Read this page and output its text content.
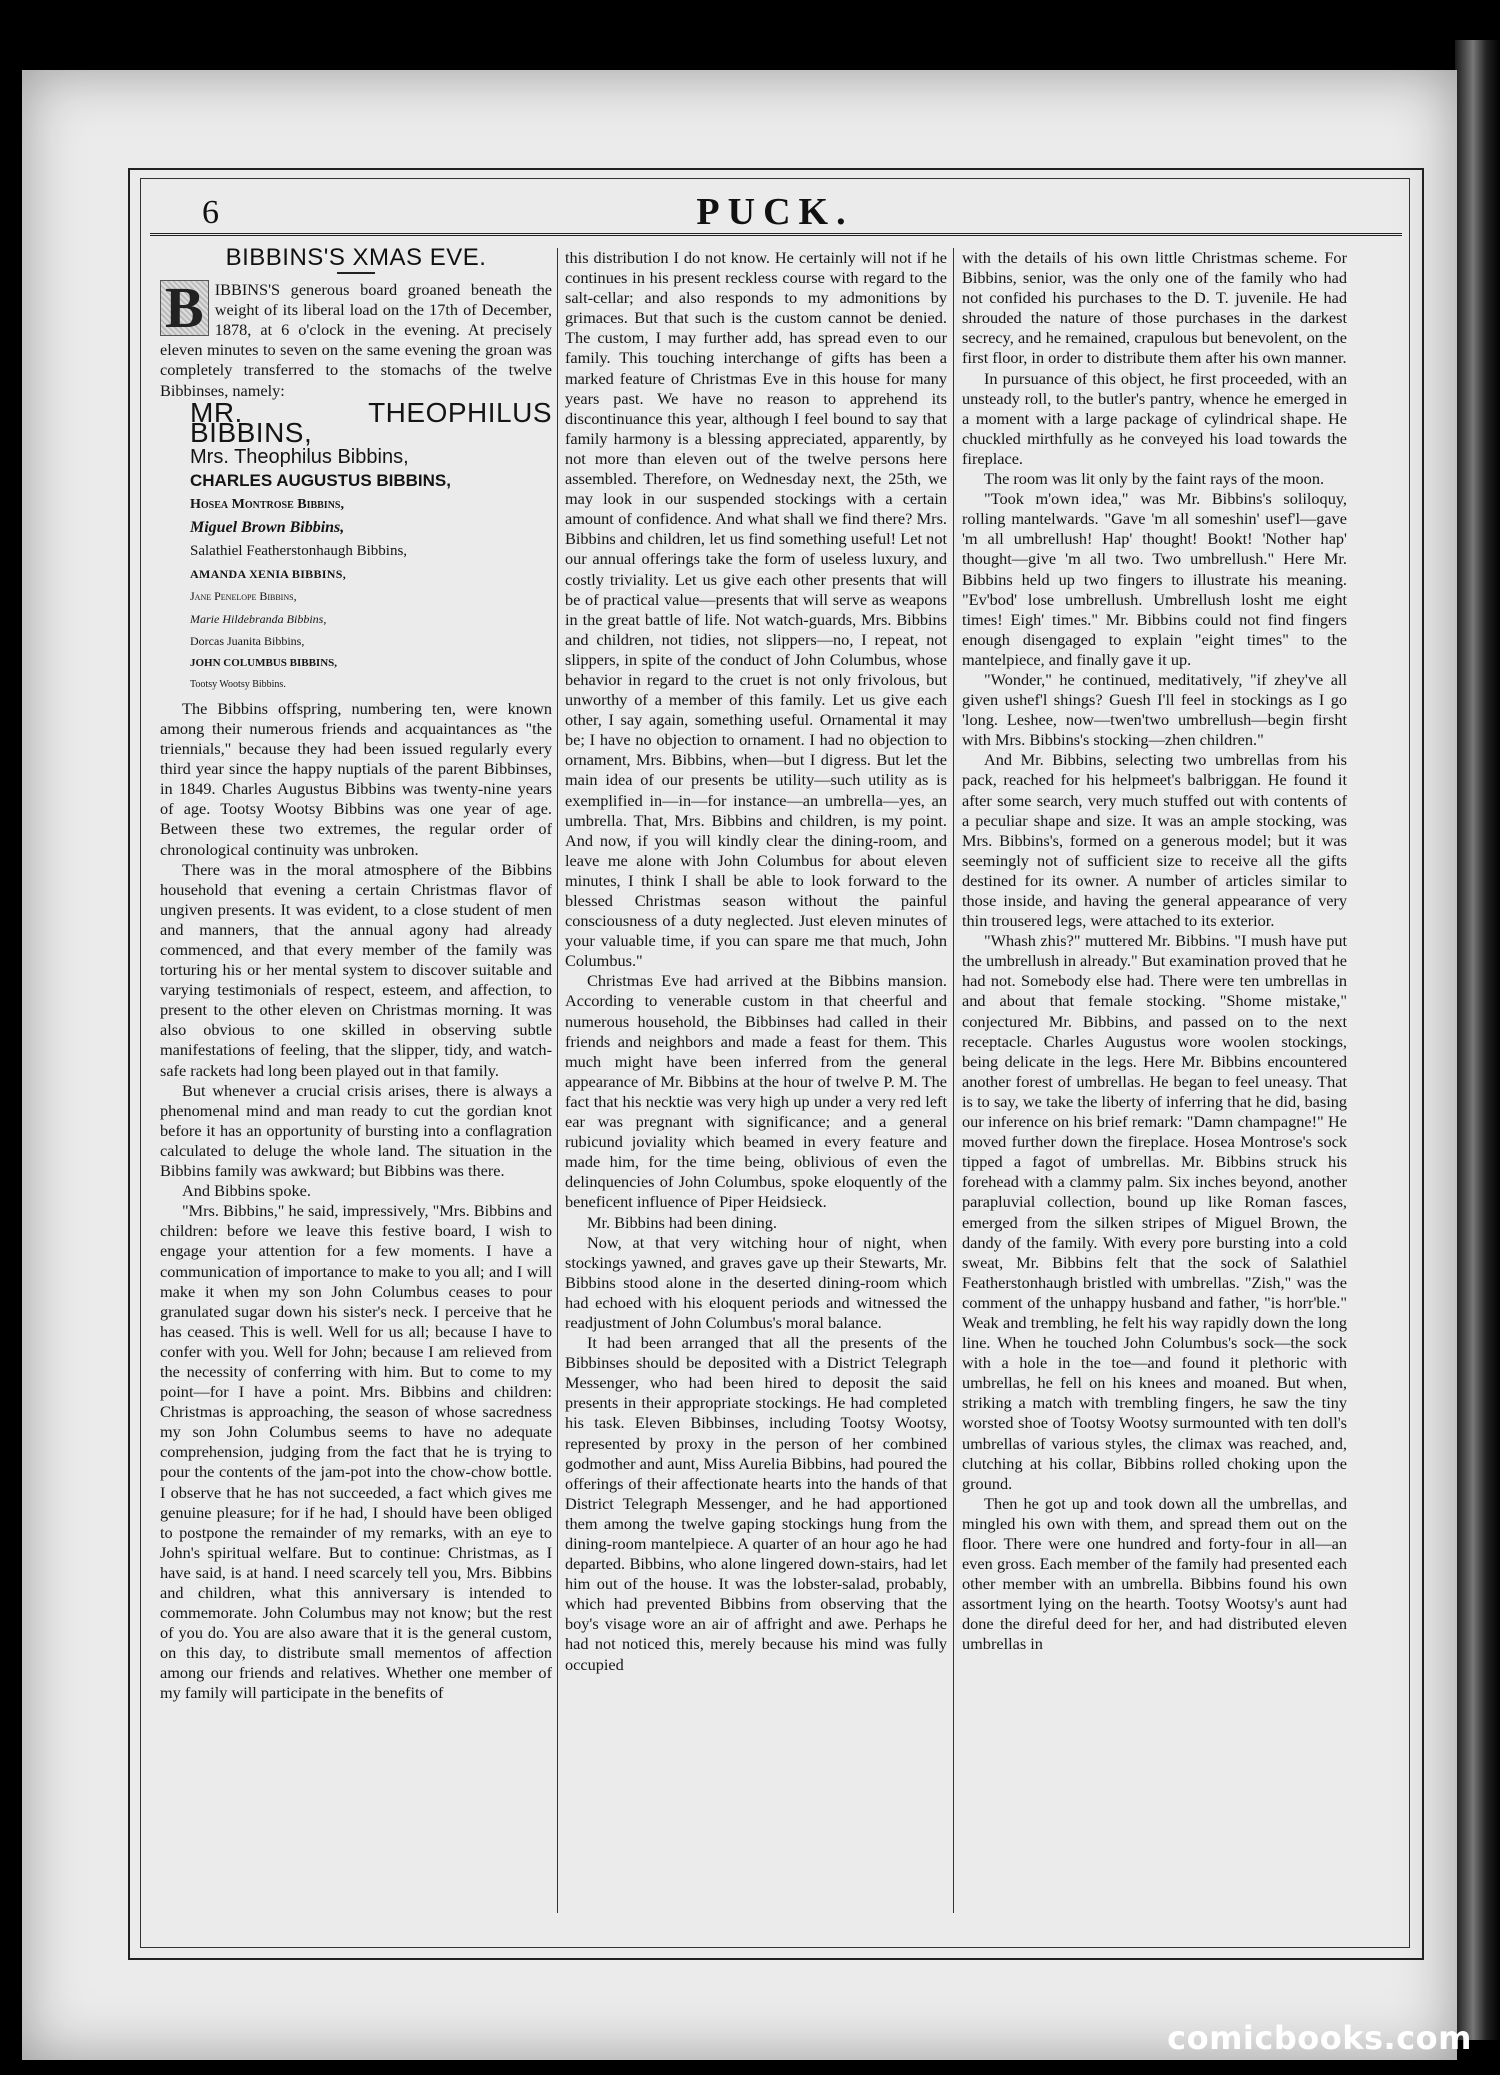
6	PUCK.
BIBBINS'S XMAS EVE.

B IBBINS'S generous board groaned beneath the weight of its liberal load on the 17th of December, 1878, at 6 o'clock in the evening. At precisely eleven minutes to seven on the same evening the groan was completely transferred to the stomachs of the twelve Bibbinses, namely:

MR. THEOPHILUS BIBBINS,
Mrs. Theophilus Bibbins,
CHARLES AUGUSTUS BIBBINS,
Hosea Montrose Bibbins,
Miguel Brown Bibbins,
Salathiel Featherstonhaugh Bibbins,
AMANDA XENIA BIBBINS,
Jane Penelope Bibbins,
Marie Hildebranda Bibbins,
Dorcas Juanita Bibbins,
JOHN COLUMBUS BIBBINS,
Tootsy Wootsy Bibbins.

The Bibbins offspring, numbering ten, were known among their numerous friends and acquaintances as "the triennials," because they had been issued regularly every third year since the happy nuptials of the parent Bibbinses, in 1849. Charles Augustus Bibbins was twenty-nine years of age. Tootsy Wootsy Bibbins was one year of age. Between these two extremes, the regular order of chronological continuity was unbroken.

There was in the moral atmosphere of the Bibbins household that evening a certain Christmas flavor of ungiven presents. It was evident, to a close student of men and manners, that the annual agony had already commenced, and that every member of the family was torturing his or her mental system to discover suitable and varying testimonials of respect, esteem, and affection, to present to the other eleven on Christmas morning. It was also obvious to one skilled in observing subtle manifestations of feeling, that the slipper, tidy, and watch-safe rackets had long been played out in that family.

But whenever a crucial crisis arises, there is always a phenomenal mind and man ready to cut the gordian knot before it has an opportunity of bursting into a conflagration calculated to deluge the whole land. The situation in the Bibbins family was awkward; but Bibbins was there.

And Bibbins spoke.

"Mrs. Bibbins," he said, impressively, "Mrs. Bibbins and children: before we leave this festive board, I wish to engage your attention for a few moments. I have a communication of importance to make to you all; and I will make it when my son John Columbus ceases to pour granulated sugar down his sister's neck. I perceive that he has ceased. This is well. Well for us all; because I have to confer with you. Well for John; because I am relieved from the necessity of conferring with him. But to come to my point—for I have a point. Mrs. Bibbins and children: Christmas is approaching, the season of whose sacredness my son John Columbus seems to have no adequate comprehension, judging from the fact that he is trying to pour the contents of the jam-pot into the chow-chow bottle. I observe that he has not succeeded, a fact which gives me genuine pleasure; for if he had, I should have been obliged to postpone the remainder of my remarks, with an eye to John's spiritual welfare. But to continue: Christmas, as I have said, is at hand. I need scarcely tell you, Mrs. Bibbins and children, what this anniversary is intended to commemorate. John Columbus may not know; but the rest of you do. You are also aware that it is the general custom, on this day, to distribute small mementos of affection among our friends and relatives. Whether one member of my family will participate in the benefits of

this distribution I do not know. He certainly will not if he continues in his present reckless course with regard to the salt-cellar; and also responds to my admonitions by grimaces. But that such is the custom cannot be denied. The custom, I may further add, has spread even to our family. This touching interchange of gifts has been a marked feature of Christmas Eve in this house for many years past. We have no reason to apprehend its discontinuance this year, although I feel bound to say that family harmony is a blessing appreciated, apparently, by not more than eleven out of the twelve persons here assembled. Therefore, on Wednesday next, the 25th, we may look in our suspended stockings with a certain amount of confidence. And what shall we find there? Mrs. Bibbins and children, let us find something useful! Let not our annual offerings take the form of useless luxury, and costly triviality. Let us give each other presents that will be of practical value—presents that will serve as weapons in the great battle of life. Not watch-guards, Mrs. Bibbins and children, not tidies, not slippers—no, I repeat, not slippers, in spite of the conduct of John Columbus, whose behavior in regard to the cruet is not only frivolous, but unworthy of a member of this family. Let us give each other, I say again, something useful. Ornamental it may be; I have no objection to ornament. I had no objection to ornament, Mrs. Bibbins, when—but I digress. But let the main idea of our presents be utility—such utility as is exemplified in—in—for instance—an umbrella—yes, an umbrella. That, Mrs. Bibbins and children, is my point. And now, if you will kindly clear the dining-room, and leave me alone with John Columbus for about eleven minutes, I think I shall be able to look forward to the blessed Christmas season without the painful consciousness of a duty neglected. Just eleven minutes of your valuable time, if you can spare me that much, John Columbus."

Christmas Eve had arrived at the Bibbins mansion. According to venerable custom in that cheerful and numerous household, the Bibbinses had called in their friends and neighbors and made a feast for them. This much might have been inferred from the general appearance of Mr. Bibbins at the hour of twelve P. M. The fact that his necktie was very high up under a very red left ear was pregnant with significance; and a general rubicund joviality which beamed in every feature and made him, for the time being, oblivious of even the delinquencies of John Columbus, spoke eloquently of the beneficent influence of Piper Heidsieck.

Mr. Bibbins had been dining.

Now, at that very witching hour of night, when stockings yawned, and graves gave up their Stewarts, Mr. Bibbins stood alone in the deserted dining-room which had echoed with his eloquent periods and witnessed the readjustment of John Columbus's moral balance.

It had been arranged that all the presents of the Bibbinses should be deposited with a District Telegraph Messenger, who had been hired to deposit the said presents in their appropriate stockings. He had completed his task. Eleven Bibbinses, including Tootsy Wootsy, represented by proxy in the person of her combined godmother and aunt, Miss Aurelia Bibbins, had poured the offerings of their affectionate hearts into the hands of that District Telegraph Messenger, and he had apportioned them among the twelve gaping stockings hung from the dining-room mantelpiece. A quarter of an hour ago he had departed. Bibbins, who alone lingered down-stairs, had let him out of the house. It was the lobster-salad, probably, which had prevented Bibbins from observing that the boy's visage wore an air of affright and awe. Perhaps he had not noticed this, merely because his mind was fully occupied

with the details of his own little Christmas scheme. For Bibbins, senior, was the only one of the family who had not confided his purchases to the D. T. juvenile. He had shrouded the nature of those purchases in the darkest secrecy, and he remained, crapulous but benevolent, on the first floor, in order to distribute them after his own manner.

In pursuance of this object, he first proceeded, with an unsteady roll, to the butler's pantry, whence he emerged in a moment with a large package of cylindrical shape. He chuckled mirthfully as he conveyed his load towards the fireplace.

The room was lit only by the faint rays of the moon.

"Took m'own idea," was Mr. Bibbins's soliloquy, rolling mantelwards. "Gave 'm all someshin' usef'l—gave 'm all umbrellush! Hap' thought! Bookt! 'Nother hap' thought—give 'm all two. Two umbrellush." Here Mr. Bibbins held up two fingers to illustrate his meaning. "Ev'bod' lose umbrellush. Umbrellush losht me eight times! Eigh' times." Mr. Bibbins could not find fingers enough disengaged to explain "eight times" to the mantelpiece, and finally gave it up.

"Wonder," he continued, meditatively, "if zhey've all given ushef'l shings? Guesh I'll feel in stockings as I go 'long. Leshee, now—twen'two umbrellush—begin firsht with Mrs. Bibbins's stocking—zhen children."

And Mr. Bibbins, selecting two umbrellas from his pack, reached for his helpmeet's balbriggan. He found it after some search, very much stuffed out with contents of a peculiar shape and size. It was an ample stocking, was Mrs. Bibbins's, formed on a generous model; but it was seemingly not of sufficient size to receive all the gifts destined for its owner. A number of articles similar to those inside, and having the general appearance of very thin trousered legs, were attached to its exterior.

"Whash zhis?" muttered Mr. Bibbins. "I mush have put the umbrellush in already." But examination proved that he had not. Somebody else had. There were ten umbrellas in and about that female stocking. "Shome mistake," conjectured Mr. Bibbins, and passed on to the next receptacle. Charles Augustus wore woolen stockings, being delicate in the legs. Here Mr. Bibbins encountered another forest of umbrellas. He began to feel uneasy. That is to say, we take the liberty of inferring that he did, basing our inference on his brief remark: "Damn champagne!" He moved further down the fireplace. Hosea Montrose's sock tipped a fagot of umbrellas. Mr. Bibbins struck his forehead with a clammy palm. Six inches beyond, another parapluvial collection, bound up like Roman fasces, emerged from the silken stripes of Miguel Brown, the dandy of the family. With every pore bursting into a cold sweat, Mr. Bibbins felt that the sock of Salathiel Featherstonhaugh bristled with umbrellas. "Zish," was the comment of the unhappy husband and father, "is horr'ble." Weak and trembling, he felt his way rapidly down the long line. When he touched John Columbus's sock—the sock with a hole in the toe—and found it plethoric with umbrellas, he fell on his knees and moaned. But when, striking a match with trembling fingers, he saw the tiny worsted shoe of Tootsy Wootsy surmounted with ten doll's umbrellas of various styles, the climax was reached, and, clutching at his collar, Bibbins rolled choking upon the ground.

Then he got up and took down all the umbrellas, and mingled his own with them, and spread them out on the floor. There were one hundred and forty-four in all—an even gross. Each member of the family had presented each other member with an umbrella. Bibbins found his own assortment lying on the hearth. Tootsy Wootsy's aunt had done the direful deed for her, and had distributed eleven umbrellas in

comicbooks.com
